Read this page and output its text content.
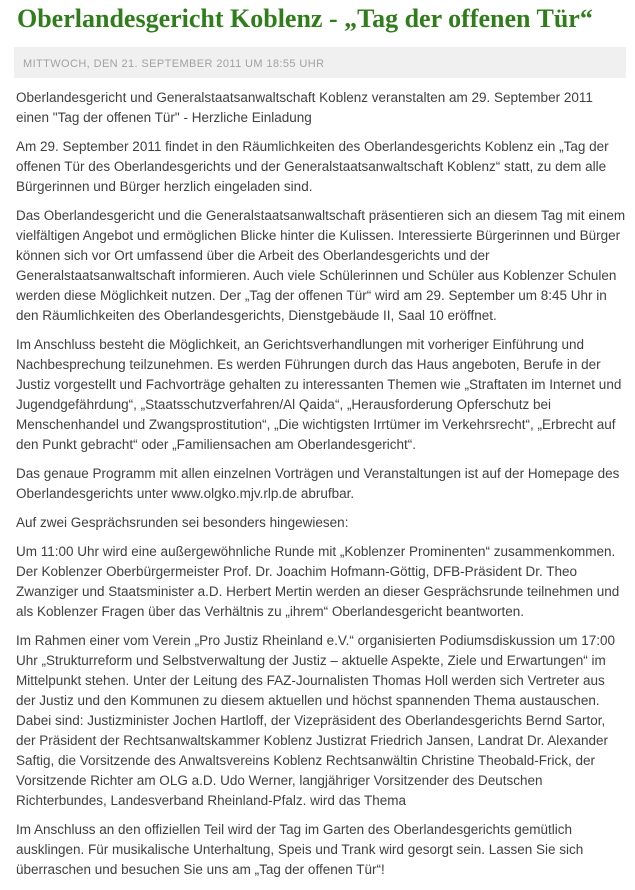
Oberlandesgericht Koblenz - „Tag der offenen Tür“
MITTWOCH, DEN 21. SEPTEMBER 2011 UM 18:55 UHR

Oberlandesgericht und Generalstaatsanwaltschaft Koblenz veranstalten am 29. September 2011 einen "Tag der offenen Tür" - Herzliche Einladung

Am 29. September 2011 findet in den Räumlichkeiten des Oberlandesgerichts Koblenz ein „Tag der offenen Tür des Oberlandesgerichts und der Generalstaatsanwaltschaft Koblenz“ statt, zu dem alle Bürgerinnen und Bürger herzlich eingeladen sind.

Das Oberlandesgericht und die Generalstaatsanwaltschaft präsentieren sich an diesem Tag mit einem vielfältigen Angebot und ermöglichen Blicke hinter die Kulissen. Interessierte Bürgerinnen und Bürger können sich vor Ort umfassend über die Arbeit des Oberlandesgerichts und der Generalstaatsanwaltschaft informieren. Auch viele Schülerinnen und Schüler aus Koblenzer Schulen werden diese Möglichkeit nutzen. Der „Tag der offenen Tür“ wird am 29. September um 8:45 Uhr in den Räumlichkeiten des Oberlandesgerichts, Dienstgebäude II, Saal 10 eröffnet.

Im Anschluss besteht die Möglichkeit, an Gerichtsverhandlungen mit vorheriger Einführung und Nachbesprechung teilzunehmen. Es werden Führungen durch das Haus angeboten, Berufe in der Justiz vorgestellt und Fachvorträge gehalten zu interessanten Themen wie „Straftaten im Internet und Jugendgefährdung“, „Staatsschutzverfahren/Al Qaida“, „Herausforderung Opferschutz bei Menschenhandel und Zwangsprostitution“, „Die wichtigsten Irrtümer im Verkehrsrecht“, „Erbrecht auf den Punkt gebracht“ oder „Familiensachen am Oberlandesgericht“.

Das genaue Programm mit allen einzelnen Vorträgen und Veranstaltungen ist auf der Homepage des Oberlandesgerichts unter www.olgko.mjv.rlp.de abrufbar.

Auf zwei Gesprächsrunden sei besonders hingewiesen:

Um 11:00 Uhr wird eine außergewöhnliche Runde mit „Koblenzer Prominenten“ zusammenkommen. Der Koblenzer Oberbürgermeister Prof. Dr. Joachim Hofmann-Göttig, DFB-Präsident Dr. Theo Zwanziger und Staatsminister a.D. Herbert Mertin werden an dieser Gesprächsrunde teilnehmen und als Koblenzer Fragen über das Verhältnis zu „ihrem“ Oberlandesgericht beantworten.

Im Rahmen einer vom Verein „Pro Justiz Rheinland e.V.“ organisierten Podiumsdiskussion um 17:00 Uhr „Strukturreform und Selbstverwaltung der Justiz – aktuelle Aspekte, Ziele und Erwartungen“ im Mittelpunkt stehen. Unter der Leitung des FAZ-Journalisten Thomas Holl werden sich Vertreter aus der Justiz und den Kommunen zu diesem aktuellen und höchst spannenden Thema austauschen. Dabei sind: Justizminister Jochen Hartloff, der Vizepräsident des Oberlandesgerichts Bernd Sartor, der Präsident der Rechtsanwaltskammer Koblenz Justizrat Friedrich Jansen, Landrat Dr. Alexander Saftig, die Vorsitzende des Anwaltsvereins Koblenz Rechtsanwältin Christine Theobald-Frick, der Vorsitzende Richter am OLG a.D. Udo Werner, langjähriger Vorsitzender des Deutschen Richterbundes, Landesverband Rheinland-Pfalz. wird das Thema

Im Anschluss an den offiziellen Teil wird der Tag im Garten des Oberlandesgerichts gemütlich ausklingen. Für musikalische Unterhaltung, Speis und Trank wird gesorgt sein. Lassen Sie sich überraschen und besuchen Sie uns am „Tag der offenen Tür“!
